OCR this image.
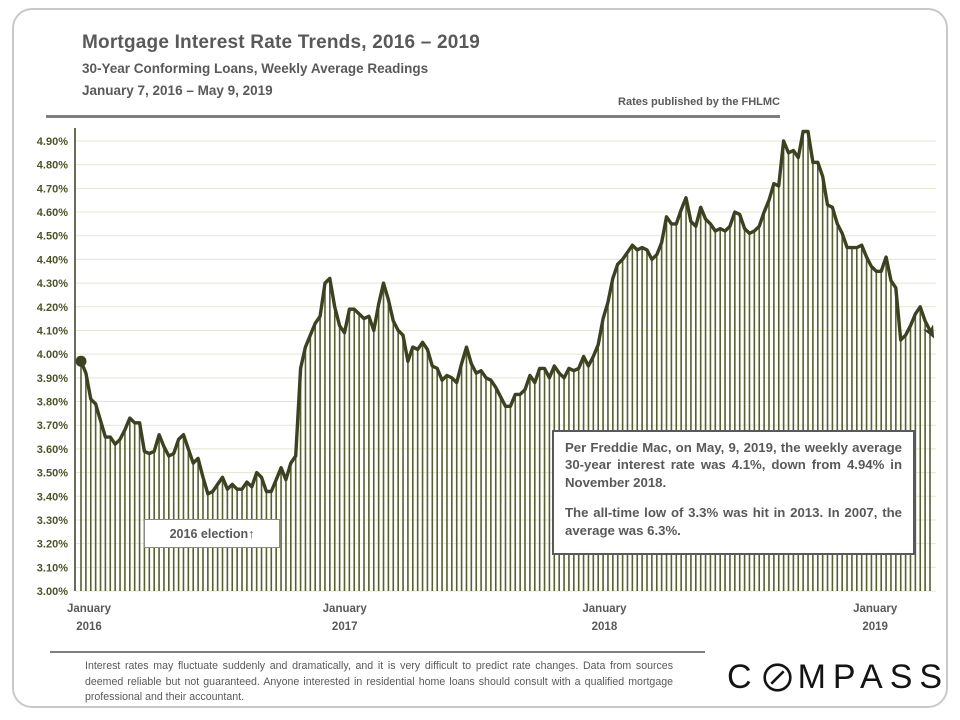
Mortgage Interest Rate Trends, 2016 – 2019
30-Year Conforming Loans, Weekly Average Readings
January 7, 2016 – May 9, 2019
Rates published by the FHLMC
4.90%
4.80%
4.70%
4.60%
4.50%
4.40%
4.30%
4.20%
4.10%
4.00%
3.90%
3.80%
3.70%
3.60%
3.50%
3.40%
3.30%
3.20%
3.10%
3.00%
January
2016
January
2017
January
2018
January
2019
2016 election↑

Per Freddie Mac, on May, 9, 2019, the weekly average 30-year interest rate was 4.1%, down from 4.94% in November 2018.

The all-time low of 3.3% was hit in 2013. In 2007, the average was 6.3%.

Interest rates may fluctuate suddenly and dramatically, and it is very difficult to predict rate changes. Data from sources deemed reliable but not guaranteed. Anyone interested in residential home loans should consult with a qualified mortgage professional and their accountant.
C MPASS
